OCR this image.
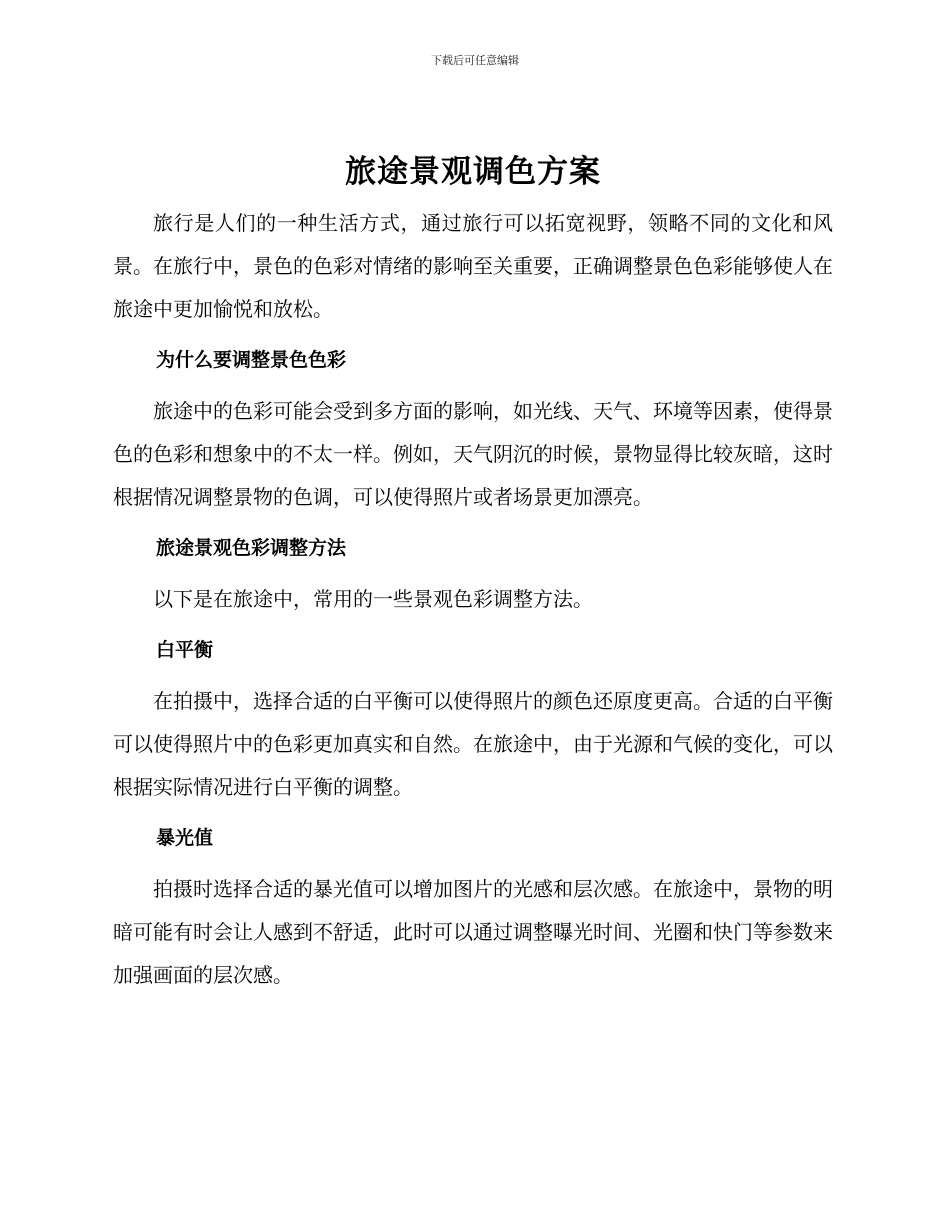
下载后可任意编辑
旅途景观调色方案

旅行是人们的一种生活方式，通过旅行可以拓宽视野，领略不同的文化和风景。在旅行中，景色的色彩对情绪的影响至关重要，正确调整景色色彩能够使人在旅途中更加愉悦和放松。

为什么要调整景色色彩

旅途中的色彩可能会受到多方面的影响，如光线、天气、环境等因素，使得景色的色彩和想象中的不太一样。例如，天气阴沉的时候，景物显得比较灰暗，这时根据情况调整景物的色调，可以使得照片或者场景更加漂亮。

旅途景观色彩调整方法

以下是在旅途中，常用的一些景观色彩调整方法。

白平衡

在拍摄中，选择合适的白平衡可以使得照片的颜色还原度更高。合适的白平衡可以使得照片中的色彩更加真实和自然。在旅途中，由于光源和气候的变化，可以根据实际情况进行白平衡的调整。

暴光值

拍摄时选择合适的暴光值可以增加图片的光感和层次感。在旅途中，景物的明暗可能有时会让人感到不舒适，此时可以通过调整曝光时间、光圈和快门等参数来加强画面的层次感。
